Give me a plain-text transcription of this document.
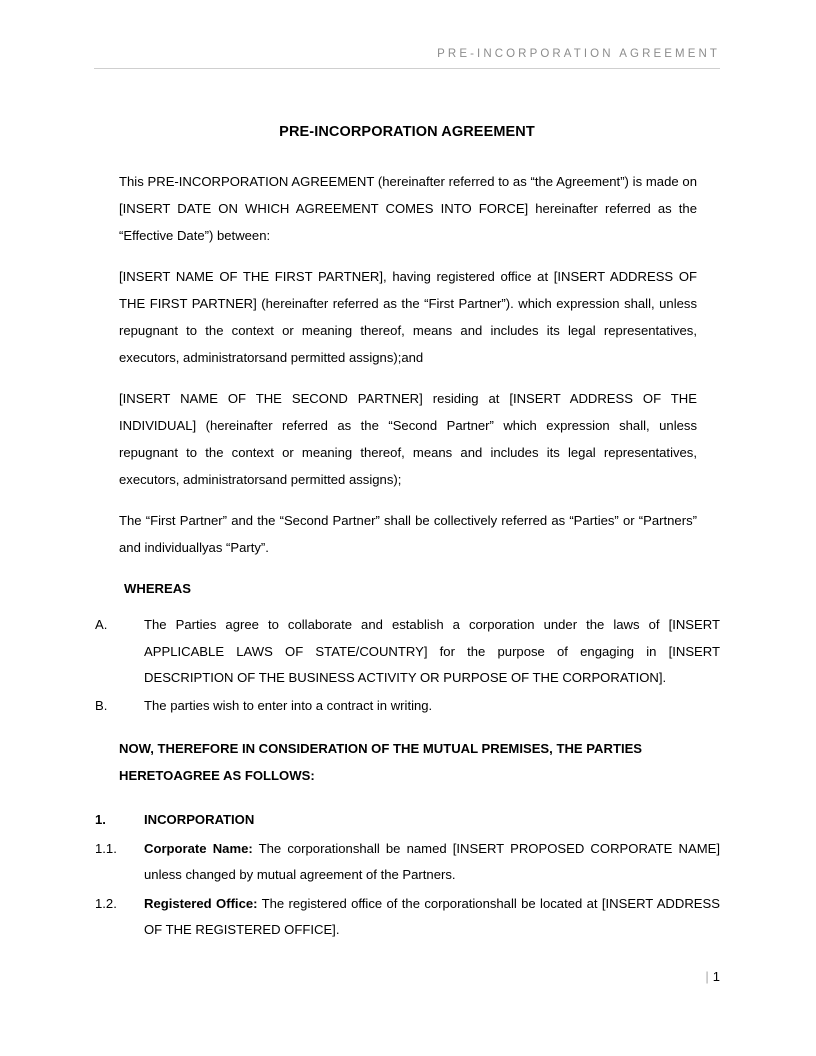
PRE-INCORPORATION AGREEMENT
PRE-INCORPORATION AGREEMENT

This PRE-INCORPORATION AGREEMENT (hereinafter referred to as “the Agreement”) is made on [INSERT DATE ON WHICH AGREEMENT COMES INTO FORCE] hereinafter referred as the “Effective Date”) between:

[INSERT NAME OF THE FIRST PARTNER], having registered office at [INSERT ADDRESS OF THE FIRST PARTNER] (hereinafter referred as the “First Partner”). which expression shall, unless repugnant to the context or meaning thereof, means and includes its legal representatives, executors, administratorsand permitted assigns);and

[INSERT NAME OF THE SECOND PARTNER] residing at [INSERT ADDRESS OF THE INDIVIDUAL] (hereinafter referred as the “Second Partner” which expression shall, unless repugnant to the context or meaning thereof, means and includes its legal representatives, executors, administratorsand permitted assigns);

The “First Partner” and the “Second Partner” shall be collectively referred as “Parties” or “Partners” and individuallyas “Party”.

WHEREAS
A.	The Parties agree to collaborate and establish a corporation under the laws of [INSERT APPLICABLE LAWS OF STATE/COUNTRY] for the purpose of engaging in [INSERT DESCRIPTION OF THE BUSINESS ACTIVITY OR PURPOSE OF THE CORPORATION].
B.	The parties wish to enter into a contract in writing.
NOW, THEREFORE IN CONSIDERATION OF THE MUTUAL PREMISES, THE PARTIES HERETOAGREE AS FOLLOWS:
1.	INCORPORATION
1.1.	Corporate Name: The corporationshall be named [INSERT PROPOSED CORPORATE NAME] unless changed by mutual agreement of the Partners.
1.2.	Registered Office: The registered office of the corporationshall be located at [INSERT ADDRESS OF THE REGISTERED OFFICE].
| 1
